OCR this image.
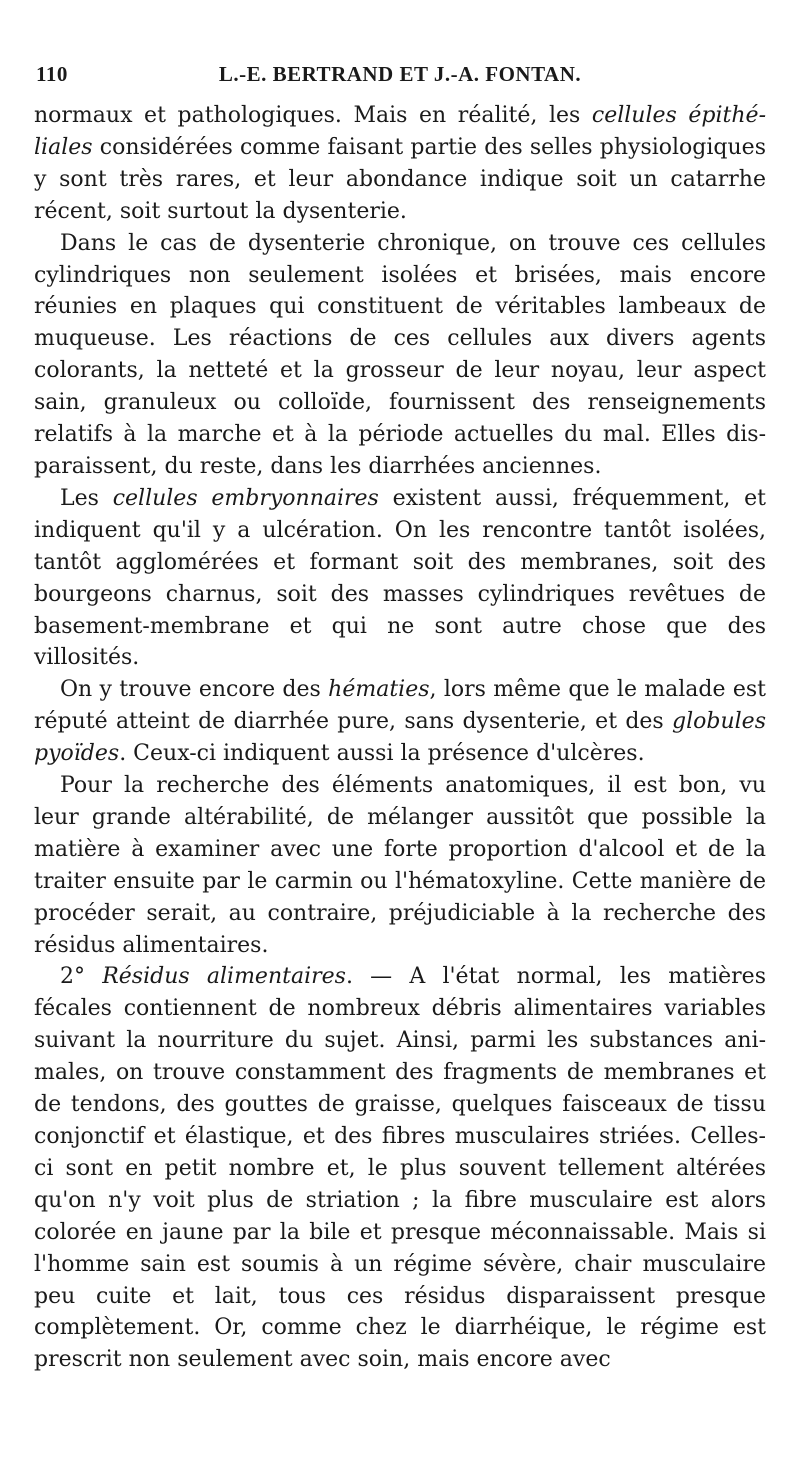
110	L.-E. BERTRAND ET J.-A. FONTAN.

normaux et pathologiques. Mais en réalité, les cellules épithéliales considérées comme faisant partie des selles physiologiques y sont très rares, et leur abondance indique soit un catarrhe récent, soit surtout la dysenterie.

Dans le cas de dysenterie chronique, on trouve ces cellules cylindriques non seulement isolées et brisées, mais encore réunies en plaques qui constituent de véritables lambeaux de muqueuse. Les réactions de ces cellules aux divers agents colorants, la netteté et la grosseur de leur noyau, leur aspect sain, granuleux ou colloïde, fournissent des renseignements relatifs à la marche et à la période actuelles du mal. Elles disparaissent, du reste, dans les diarrhées anciennes.

Les cellules embryonnaires existent aussi, fréquemment, et indiquent qu'il y a ulcération. On les rencontre tantôt isolées, tantôt agglomérées et formant soit des membranes, soit des bourgeons charnus, soit des masses cylindriques revêtues de basement-membrane et qui ne sont autre chose que des villosités.

On y trouve encore des hématies, lors même que le malade est réputé atteint de diarrhée pure, sans dysenterie, et des globules pyoïdes. Ceux-ci indiquent aussi la présence d'ulcères.

Pour la recherche des éléments anatomiques, il est bon, vu leur grande altérabilité, de mélanger aussitôt que possible la matière à examiner avec une forte proportion d'alcool et de la traiter ensuite par le carmin ou l'hématoxyline. Cette manière de procéder serait, au contraire, préjudiciable à la recherche des résidus alimentaires.

2° Résidus alimentaires. — A l'état normal, les matières fécales contiennent de nombreux débris alimentaires variables suivant la nourriture du sujet. Ainsi, parmi les substances animales, on trouve constamment des fragments de membranes et de tendons, des gouttes de graisse, quelques faisceaux de tissu conjonctif et élastique, et des fibres musculaires striées. Celles-ci sont en petit nombre et, le plus souvent tellement altérées qu'on n'y voit plus de striation ; la fibre musculaire est alors colorée en jaune par la bile et presque méconnaissable. Mais si l'homme sain est soumis à un régime sévère, chair musculaire peu cuite et lait, tous ces résidus disparaissent presque complètement. Or, comme chez le diarrhéique, le régime est prescrit non seulement avec soin, mais encore avec
